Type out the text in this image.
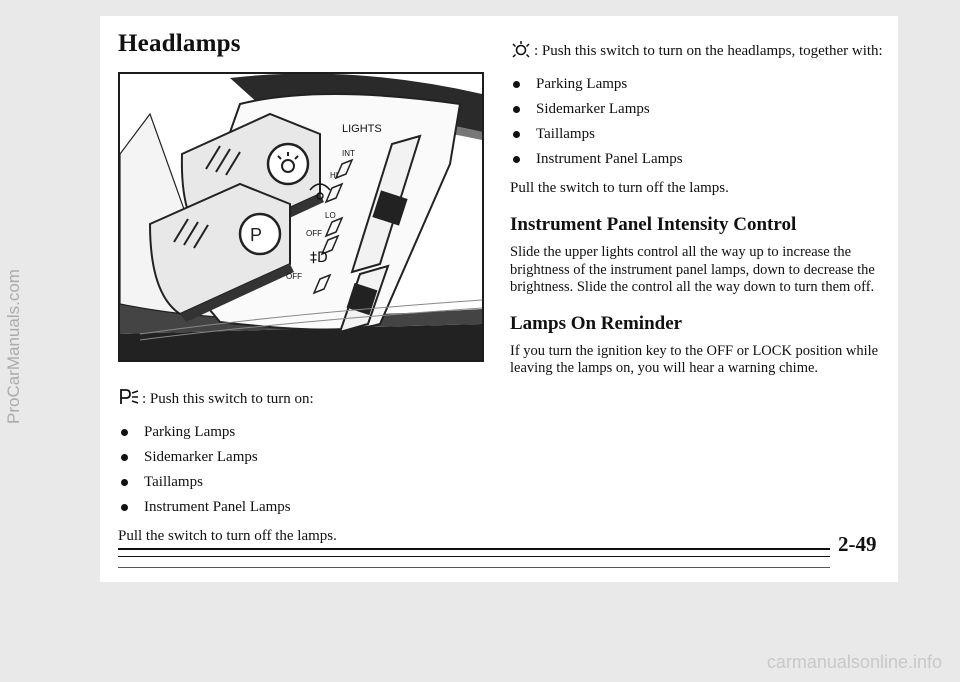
ProCarManuals.com
Headlamps
P
LIGHTS
INT
HI
LO
OFF
OFF
‡D

: Push this switch to turn on:

Parking Lamps
Sidemarker Lamps
Taillamps
Instrument Panel Lamps

Pull the switch to turn off the lamps.

: Push this switch to turn on the headlamps, together with:

Parking Lamps
Sidemarker Lamps
Taillamps
Instrument Panel Lamps

Pull the switch to turn off the lamps.

Instrument Panel Intensity Control

Slide the upper lights control all the way up to increase the brightness of the instrument panel lamps, down to decrease the brightness. Slide the control all the way down to turn them off.

Lamps On Reminder

If you turn the ignition key to the OFF or LOCK position while leaving the lamps on, you will hear a warning chime.

2-49
carmanualsonline.info
